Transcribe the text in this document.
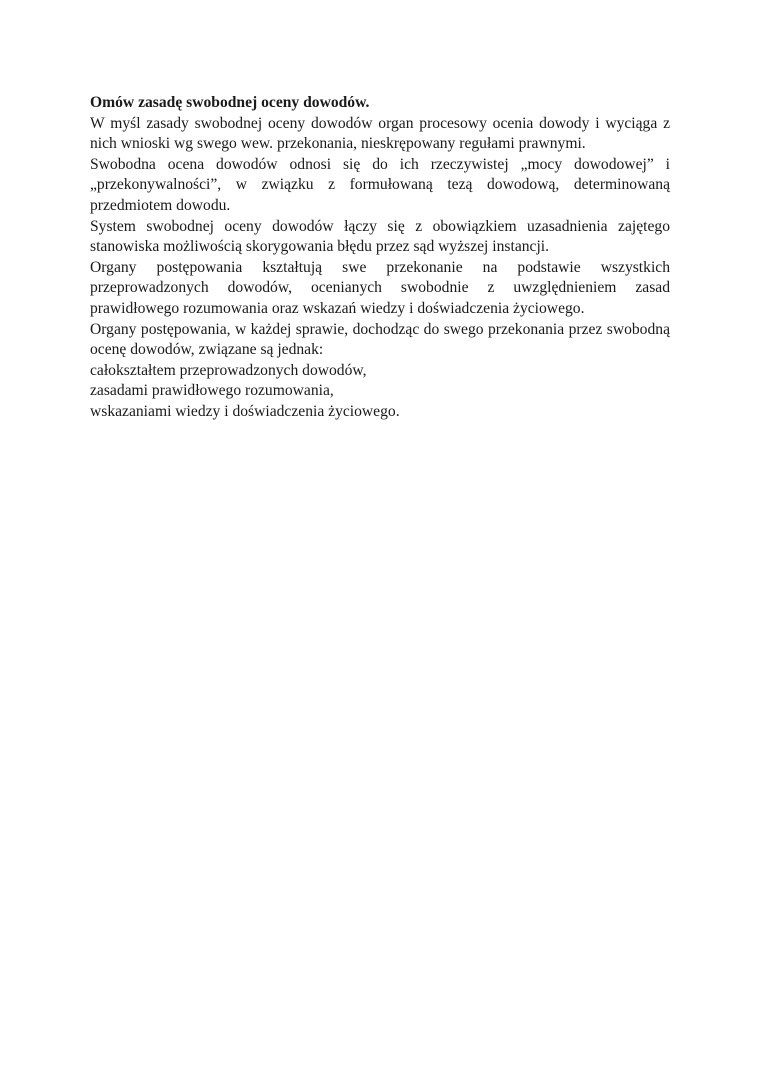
Omów zasadę swobodnej oceny dowodów.

W myśl zasady swobodnej oceny dowodów organ procesowy ocenia dowody i wyciąga z nich wnioski wg swego wew. przekonania, nieskrępowany regułami prawnymi.

Swobodna ocena dowodów odnosi się do ich rzeczywistej „mocy dowodowej” i „przekonywalności”, w związku z formułowaną tezą dowodową, determinowaną przedmiotem dowodu.

System swobodnej oceny dowodów łączy się z obowiązkiem uzasadnienia zajętego stanowiska możliwością skorygowania błędu przez sąd wyższej instancji.

Organy postępowania kształtują swe przekonanie na podstawie wszystkich przeprowadzonych dowodów, ocenianych swobodnie z uwzględnieniem zasad prawidłowego rozumowania oraz wskazań wiedzy i doświadczenia życiowego.

Organy postępowania, w każdej sprawie, dochodząc do swego przekonania przez swobodną ocenę dowodów, związane są jednak:

całokształtem przeprowadzonych dowodów,

zasadami prawidłowego rozumowania,

wskazaniami wiedzy i doświadczenia życiowego.
